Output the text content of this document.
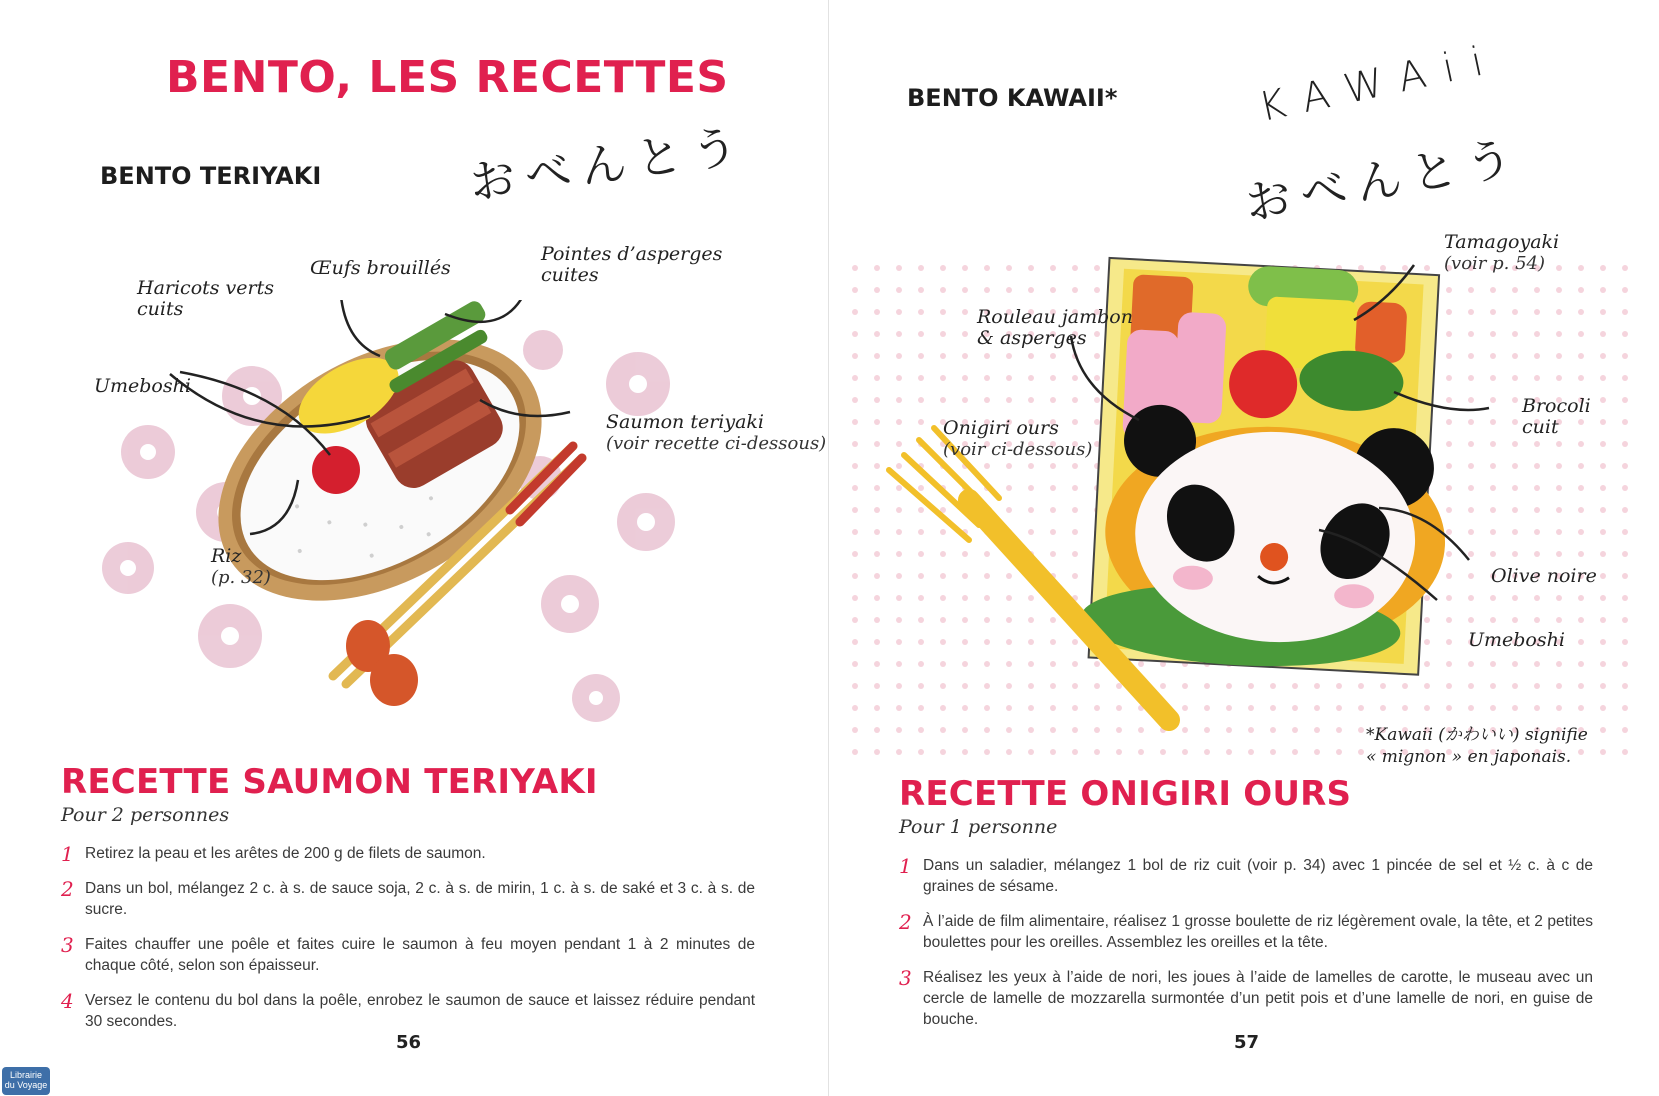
BENTO, LES RECETTES
BENTO TERIYAKI	おべんとう
Haricots verts
cuits
Œufs brouillés
Pointes d’asperges
cuites
Umeboshi
Saumon teriyaki
(voir recette ci-dessous)
Riz
(p. 32)
RECETTE SAUMON TERIYAKI

Pour 2 personnes

1 Retirez la peau et les arêtes de 200 g de filets de saumon.
2 Dans un bol, mélangez 2 c. à s. de sauce soja, 2 c. à s. de mirin, 1 c. à s. de saké et 3 c. à s. de sucre.
3 Faites chauffer une poêle et faites cuire le saumon à feu moyen pendant 1 à 2 minutes de chaque côté, selon son épaisseur.
4 Versez le contenu du bol dans la poêle, enrobez le saumon de sauce et laissez réduire pendant 30 secondes.
56
BENTO KAWAII*	KAWAii
おべんとう
Tamagoyaki
(voir p. 54)
Rouleau jambon
& asperges
Brocoli
cuit
Onigiri ours
(voir ci-dessous)
Olive noire
Umeboshi
*Kawaii (かわいい) signifie
« mignon » en japonais.
RECETTE ONIGIRI OURS

Pour 1 personne

1 Dans un saladier, mélangez 1 bol de riz cuit (voir p. 34) avec 1 pincée de sel et ½ c. à c de graines de sésame.
2 À l’aide de film alimentaire, réalisez 1 grosse boulette de riz légèrement ovale, la tête, et 2 petites boulettes pour les oreilles. Assemblez les oreilles et la tête.
3 Réalisez les yeux à l’aide de nori, les joues à l’aide de lamelles de carotte, le museau avec un cercle de lamelle de mozzarella surmontée d’un petit pois et d’une lamelle de nori, en guise de bouche.
57
Librairie
du Voyage
